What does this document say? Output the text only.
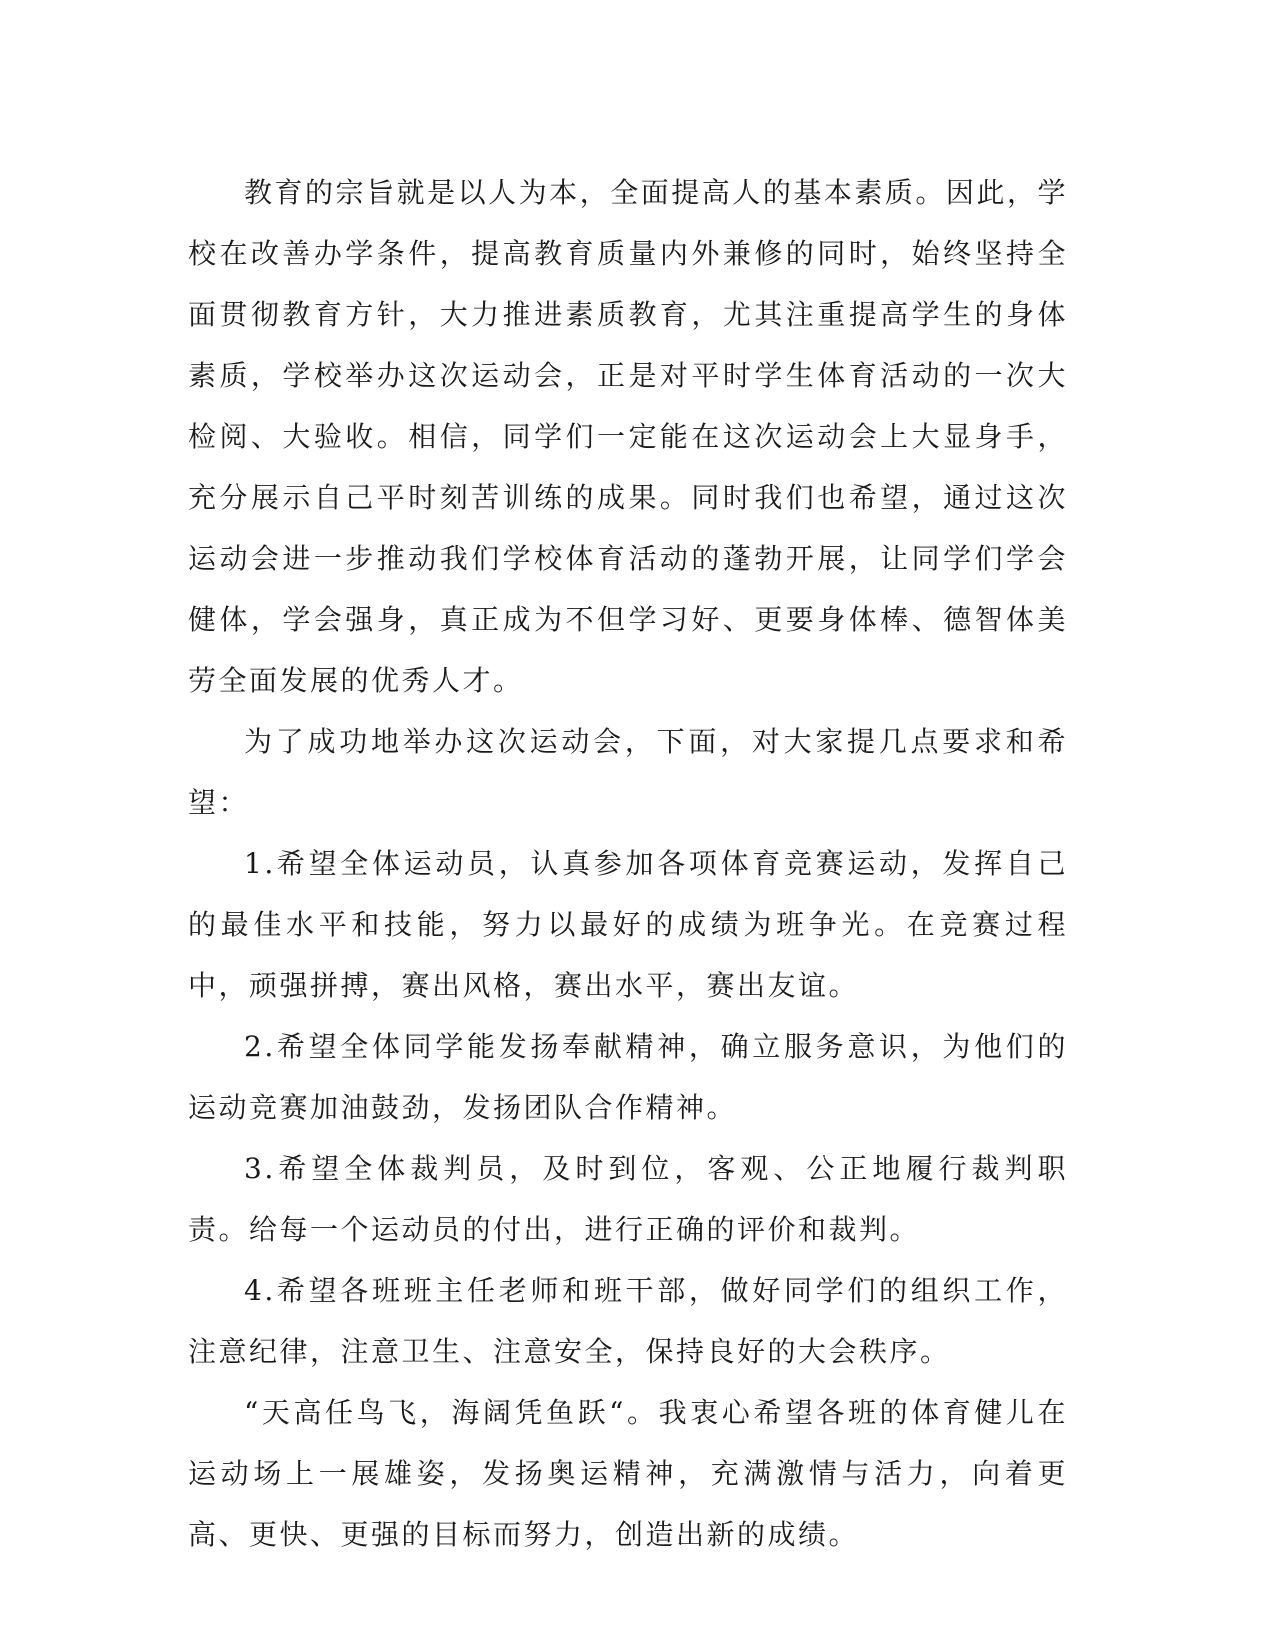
教育的宗旨就是以人为本，全面提高人的基本素质。因此，学校在改善办学条件，提高教育质量内外兼修的同时，始终坚持全面贯彻教育方针，大力推进素质教育，尤其注重提高学生的身体素质，学校举办这次运动会，正是对平时学生体育活动的一次大检阅、大验收。相信，同学们一定能在这次运动会上大显身手，充分展示自己平时刻苦训练的成果。同时我们也希望，通过这次运动会进一步推动我们学校体育活动的蓬勃开展，让同学们学会健体，学会强身，真正成为不但学习好、更要身体棒、德智体美劳全面发展的优秀人才。

为了成功地举办这次运动会，下面，对大家提几点要求和希望：

1.希望全体运动员，认真参加各项体育竞赛运动，发挥自己的最佳水平和技能，努力以最好的成绩为班争光。在竞赛过程中，顽强拼搏，赛出风格，赛出水平，赛出友谊。

2.希望全体同学能发扬奉献精神，确立服务意识，为他们的运动竞赛加油鼓劲，发扬团队合作精神。

3.希望全体裁判员，及时到位，客观、公正地履行裁判职责。给每一个运动员的付出，进行正确的评价和裁判。

4.希望各班班主任老师和班干部，做好同学们的组织工作，注意纪律，注意卫生、注意安全，保持良好的大会秩序。

“天高任鸟飞，海阔凭鱼跃“。我衷心希望各班的体育健儿在运动场上一展雄姿，发扬奥运精神，充满激情与活力，向着更高、更快、更强的目标而努力，创造出新的成绩。
